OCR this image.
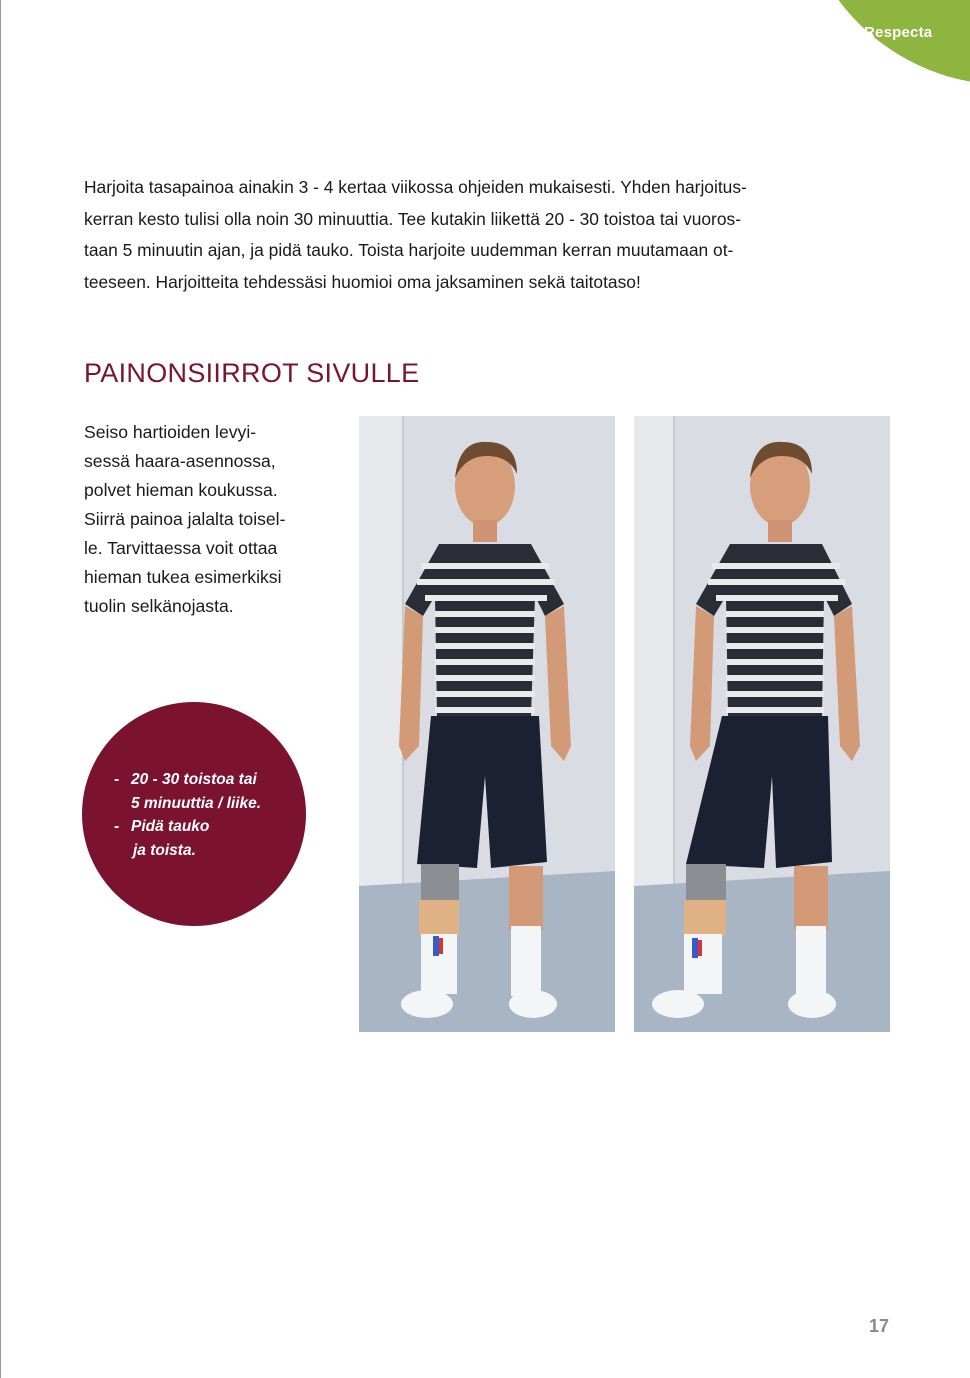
Respecta

Harjoita tasapainoa ainakin 3 - 4 kertaa viikossa ohjeiden mukaisesti. Yhden harjoitus-
kerran kesto tulisi olla noin 30 minuuttia. Tee kutakin liikettä 20 - 30 toistoa tai vuoros-
taan 5 minuutin ajan, ja pidä tauko. Toista harjoite uudemman kerran muutamaan ot-
teeseen. Harjoitteita tehdessäsi huomioi oma jaksaminen sekä taitotaso!

PAINONSIIRROT SIVULLE

Seiso hartioiden levyi-
sessä haara-asennossa,
polvet hieman koukussa.
Siirrä painoa jalalta toisel-
le. Tarvittaessa voit ottaa
hieman tukea esimerkiksi
tuolin selkänojasta.

- 20 - 30 toistoa tai
5 minuuttia / liike.
- Pidä tauko
ja toista.
17
